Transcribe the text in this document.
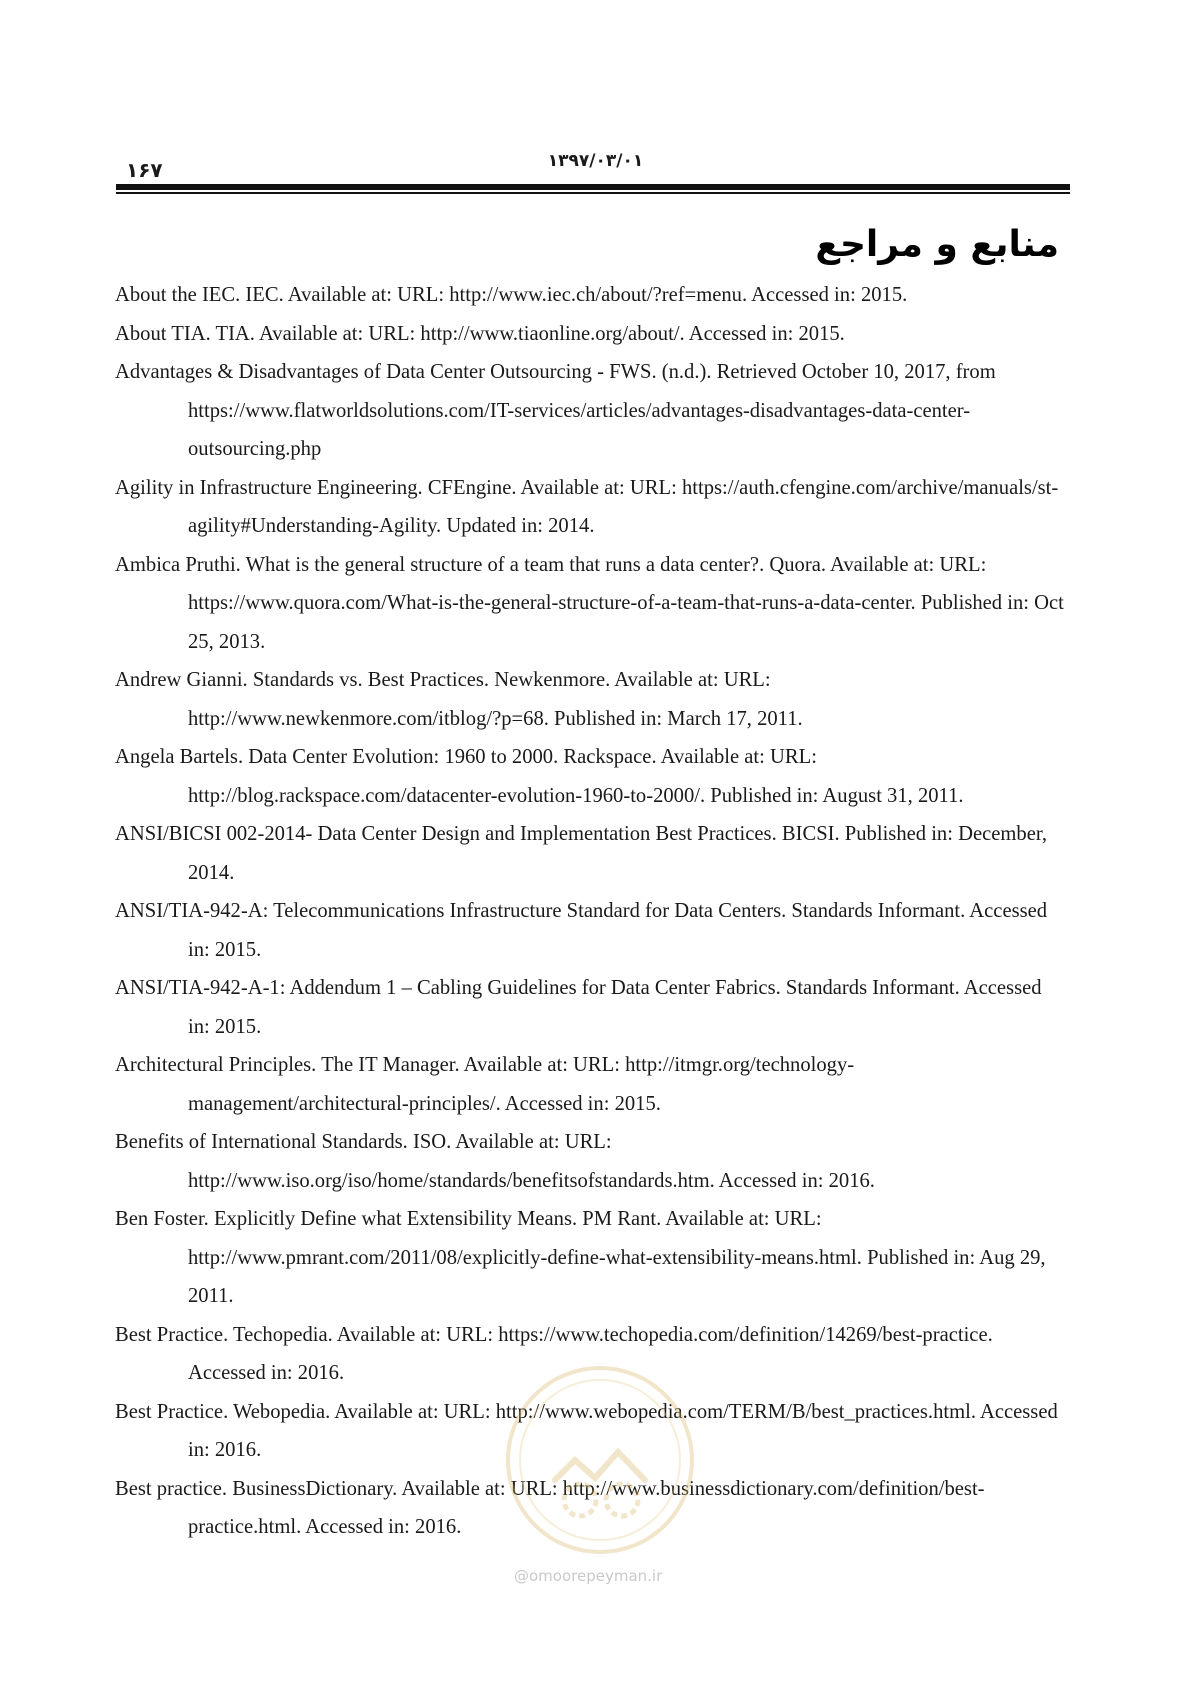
١۶٧	١٣٩٧/٠٣/٠١
منابع و مراجع
About the IEC. IEC. Available at: URL: http://www.iec.ch/about/?ref=menu. Accessed in: 2015.
About TIA. TIA. Available at: URL: http://www.tiaonline.org/about/. Accessed in: 2015.
Advantages & Disadvantages of Data Center Outsourcing - FWS. (n.d.). Retrieved October 10, 2017, from https://www.flatworldsolutions.com/IT-services/articles/advantages-disadvantages-data-center-outsourcing.php
Agility in Infrastructure Engineering. CFEngine. Available at: URL: https://auth.cfengine.com/archive/manuals/st-agility#Understanding-Agility. Updated in: 2014.
Ambica Pruthi. What is the general structure of a team that runs a data center?. Quora. Available at: URL: https://www.quora.com/What-is-the-general-structure-of-a-team-that-runs-a-data-center. Published in: Oct 25, 2013.
Andrew Gianni. Standards vs. Best Practices. Newkenmore. Available at: URL: http://www.newkenmore.com/itblog/?p=68. Published in: March 17, 2011.
Angela Bartels. Data Center Evolution: 1960 to 2000. Rackspace. Available at: URL: http://blog.rackspace.com/datacenter-evolution-1960-to-2000/. Published in: August 31, 2011.
ANSI/BICSI 002-2014- Data Center Design and Implementation Best Practices. BICSI. Published in: December, 2014.
ANSI/TIA-942-A: Telecommunications Infrastructure Standard for Data Centers. Standards Informant. Accessed in: 2015.
ANSI/TIA-942-A-1: Addendum 1 – Cabling Guidelines for Data Center Fabrics. Standards Informant. Accessed in: 2015.
Architectural Principles. The IT Manager. Available at: URL: http://itmgr.org/technology-management/architectural-principles/. Accessed in: 2015.
Benefits of International Standards. ISO. Available at: URL: http://www.iso.org/iso/home/standards/benefitsofstandards.htm. Accessed in: 2016.
Ben Foster. Explicitly Define what Extensibility Means. PM Rant. Available at: URL: http://www.pmrant.com/2011/08/explicitly-define-what-extensibility-means.html. Published in: Aug 29, 2011.
Best Practice. Techopedia. Available at: URL: https://www.techopedia.com/definition/14269/best-practice. Accessed in: 2016.
Best Practice. Webopedia. Available at: URL: http://www.webopedia.com/TERM/B/best_practices.html. Accessed in: 2016.
Best practice. BusinessDictionary. Available at: URL: http://www.businessdictionary.com/definition/best-practice.html. Accessed in: 2016.
@omoorepeyman.ir
